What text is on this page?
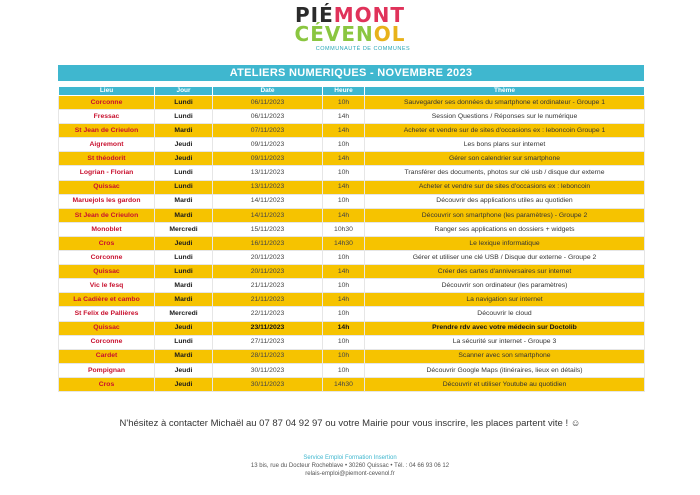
PIÉMONT
CÉVENOL
COMMUNAUTÉ DE COMMUNES
ATELIERS NUMERIQUES - NOVEMBRE 2023
Lieu	Jour	Date	Heure	Thème
Corconne	Lundi	06/11/2023	10h	Sauvegarder ses données du smartphone et ordinateur - Groupe 1
Fressac	Lundi	06/11/2023	14h	Session Questions / Réponses sur le numérique
St Jean de Crieulon	Mardi	07/11/2023	14h	Acheter et vendre sur de sites d'occasions ex : leboncoin Groupe 1
Aigremont	Jeudi	09/11/2023	10h	Les bons plans sur internet
St théodorit	Jeudi	09/11/2023	14h	Gérer son calendrier sur smartphone
Logrian - Florian	Lundi	13/11/2023	10h	Transférer des documents, photos sur clé usb / disque dur externe
Quissac	Lundi	13/11/2023	14h	Acheter et vendre sur de sites d'occasions ex : leboncoin
Maruejols les gardon	Mardi	14/11/2023	10h	Découvrir des applications utiles au quotidien
St Jean de Crieulon	Mardi	14/11/2023	14h	Découvrir son smartphone (les paramètres) - Groupe 2
Monoblet	Mercredi	15/11/2023	10h30	Ranger ses applications en dossiers + widgets
Cros	Jeudi	16/11/2023	14h30	Le lexique informatique
Corconne	Lundi	20/11/2023	10h	Gérer et utiliser une clé USB / Disque dur externe - Groupe 2
Quissac	Lundi	20/11/2023	14h	Créer des cartes d'anniversaires sur internet
Vic le fesq	Mardi	21/11/2023	10h	Découvrir son ordinateur (les paramètres)
La Cadière et cambo	Mardi	21/11/2023	14h	La navigation sur internet
St Felix de Pallières	Mercredi	22/11/2023	10h	Découvrir le cloud
Quissac	Jeudi	23/11/2023	14h	Prendre rdv avec votre médecin sur Doctolib
Corconne	Lundi	27/11/2023	10h	La sécurité sur internet - Groupe 3
Cardet	Mardi	28/11/2023	10h	Scanner avec son smartphone
Pompignan	Jeudi	30/11/2023	10h	Découvrir Google Maps (itinéraires, lieux en détails)
Cros	Jeudi	30/11/2023	14h30	Découvrir et utiliser Youtube au quotidien
N'hésitez à contacter Michaël au 07 87 04 92 97 ou votre Mairie pour vous inscrire, les places partent vite ! ☺
Service Emploi Formation Insertion
13 bis, rue du Docteur Rocheblave • 30260 Quissac • Tél. : 04 66 93 06 12
relais-emploi@piemont-cevenol.fr
